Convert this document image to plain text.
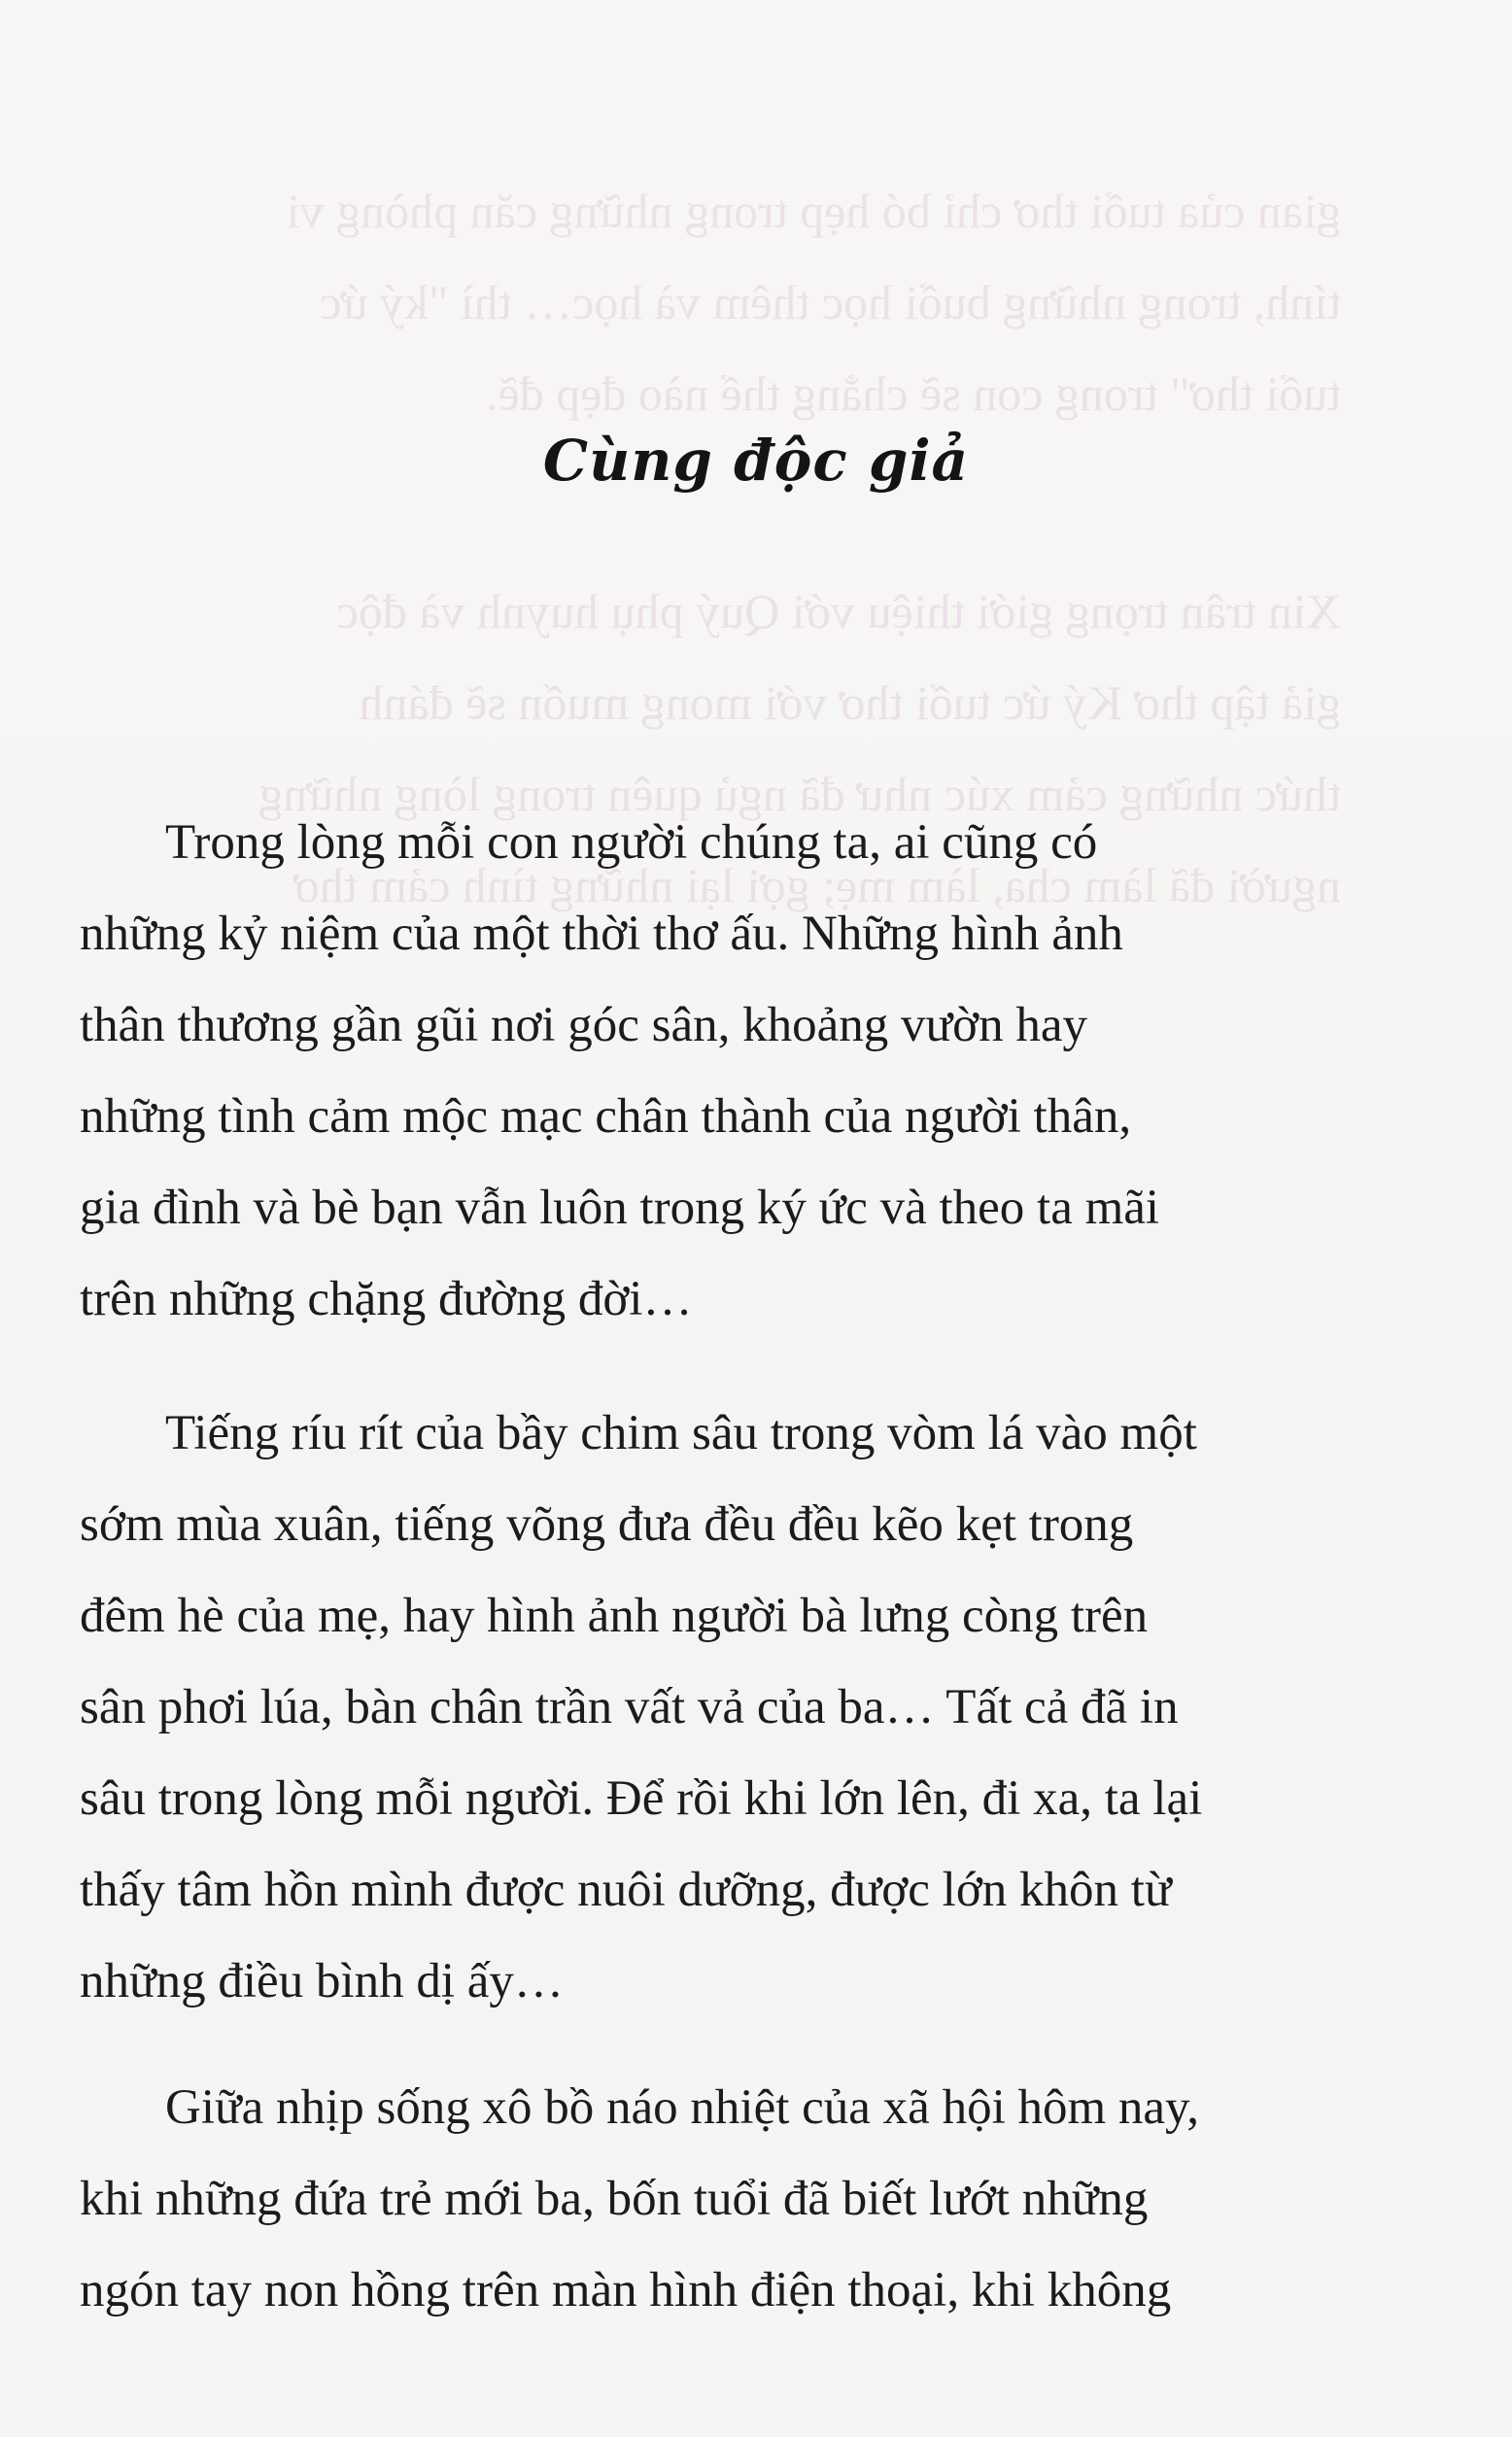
gian của tuổi thơ chỉ bó hẹp trong những căn phòng vi
tính, trong những buổi học thêm và học… thì "ký ức
tuổi thơ" trong con sẽ chẳng thể nào đẹp đẽ.
Xin trân trọng giới thiệu với Quý phụ huynh và độc
giả tập thơ Ký ức tuổi thơ với mong muốn sẽ đánh
thức những cảm xúc như đã ngủ quên trong lòng những
người đã làm cha, làm mẹ; gợi lại những tình cảm thơ
Cùng độc giả

Trong lòng mỗi con người chúng ta, ai cũng có
những kỷ niệm của một thời thơ ấu. Những hình ảnh
thân thương gần gũi nơi góc sân, khoảng vườn hay
những tình cảm mộc mạc chân thành của người thân,
gia đình và bè bạn vẫn luôn trong ký ức và theo ta mãi
trên những chặng đường đời…

Tiếng ríu rít của bầy chim sâu trong vòm lá vào một
sớm mùa xuân, tiếng võng đưa đều đều kẽo kẹt trong
đêm hè của mẹ, hay hình ảnh người bà lưng còng trên
sân phơi lúa, bàn chân trần vất vả của ba… Tất cả đã in
sâu trong lòng mỗi người. Để rồi khi lớn lên, đi xa, ta lại
thấy tâm hồn mình được nuôi dưỡng, được lớn khôn từ
những điều bình dị ấy…

Giữa nhịp sống xô bồ náo nhiệt của xã hội hôm nay,
khi những đứa trẻ mới ba, bốn tuổi đã biết lướt những
ngón tay non hồng trên màn hình điện thoại, khi không
